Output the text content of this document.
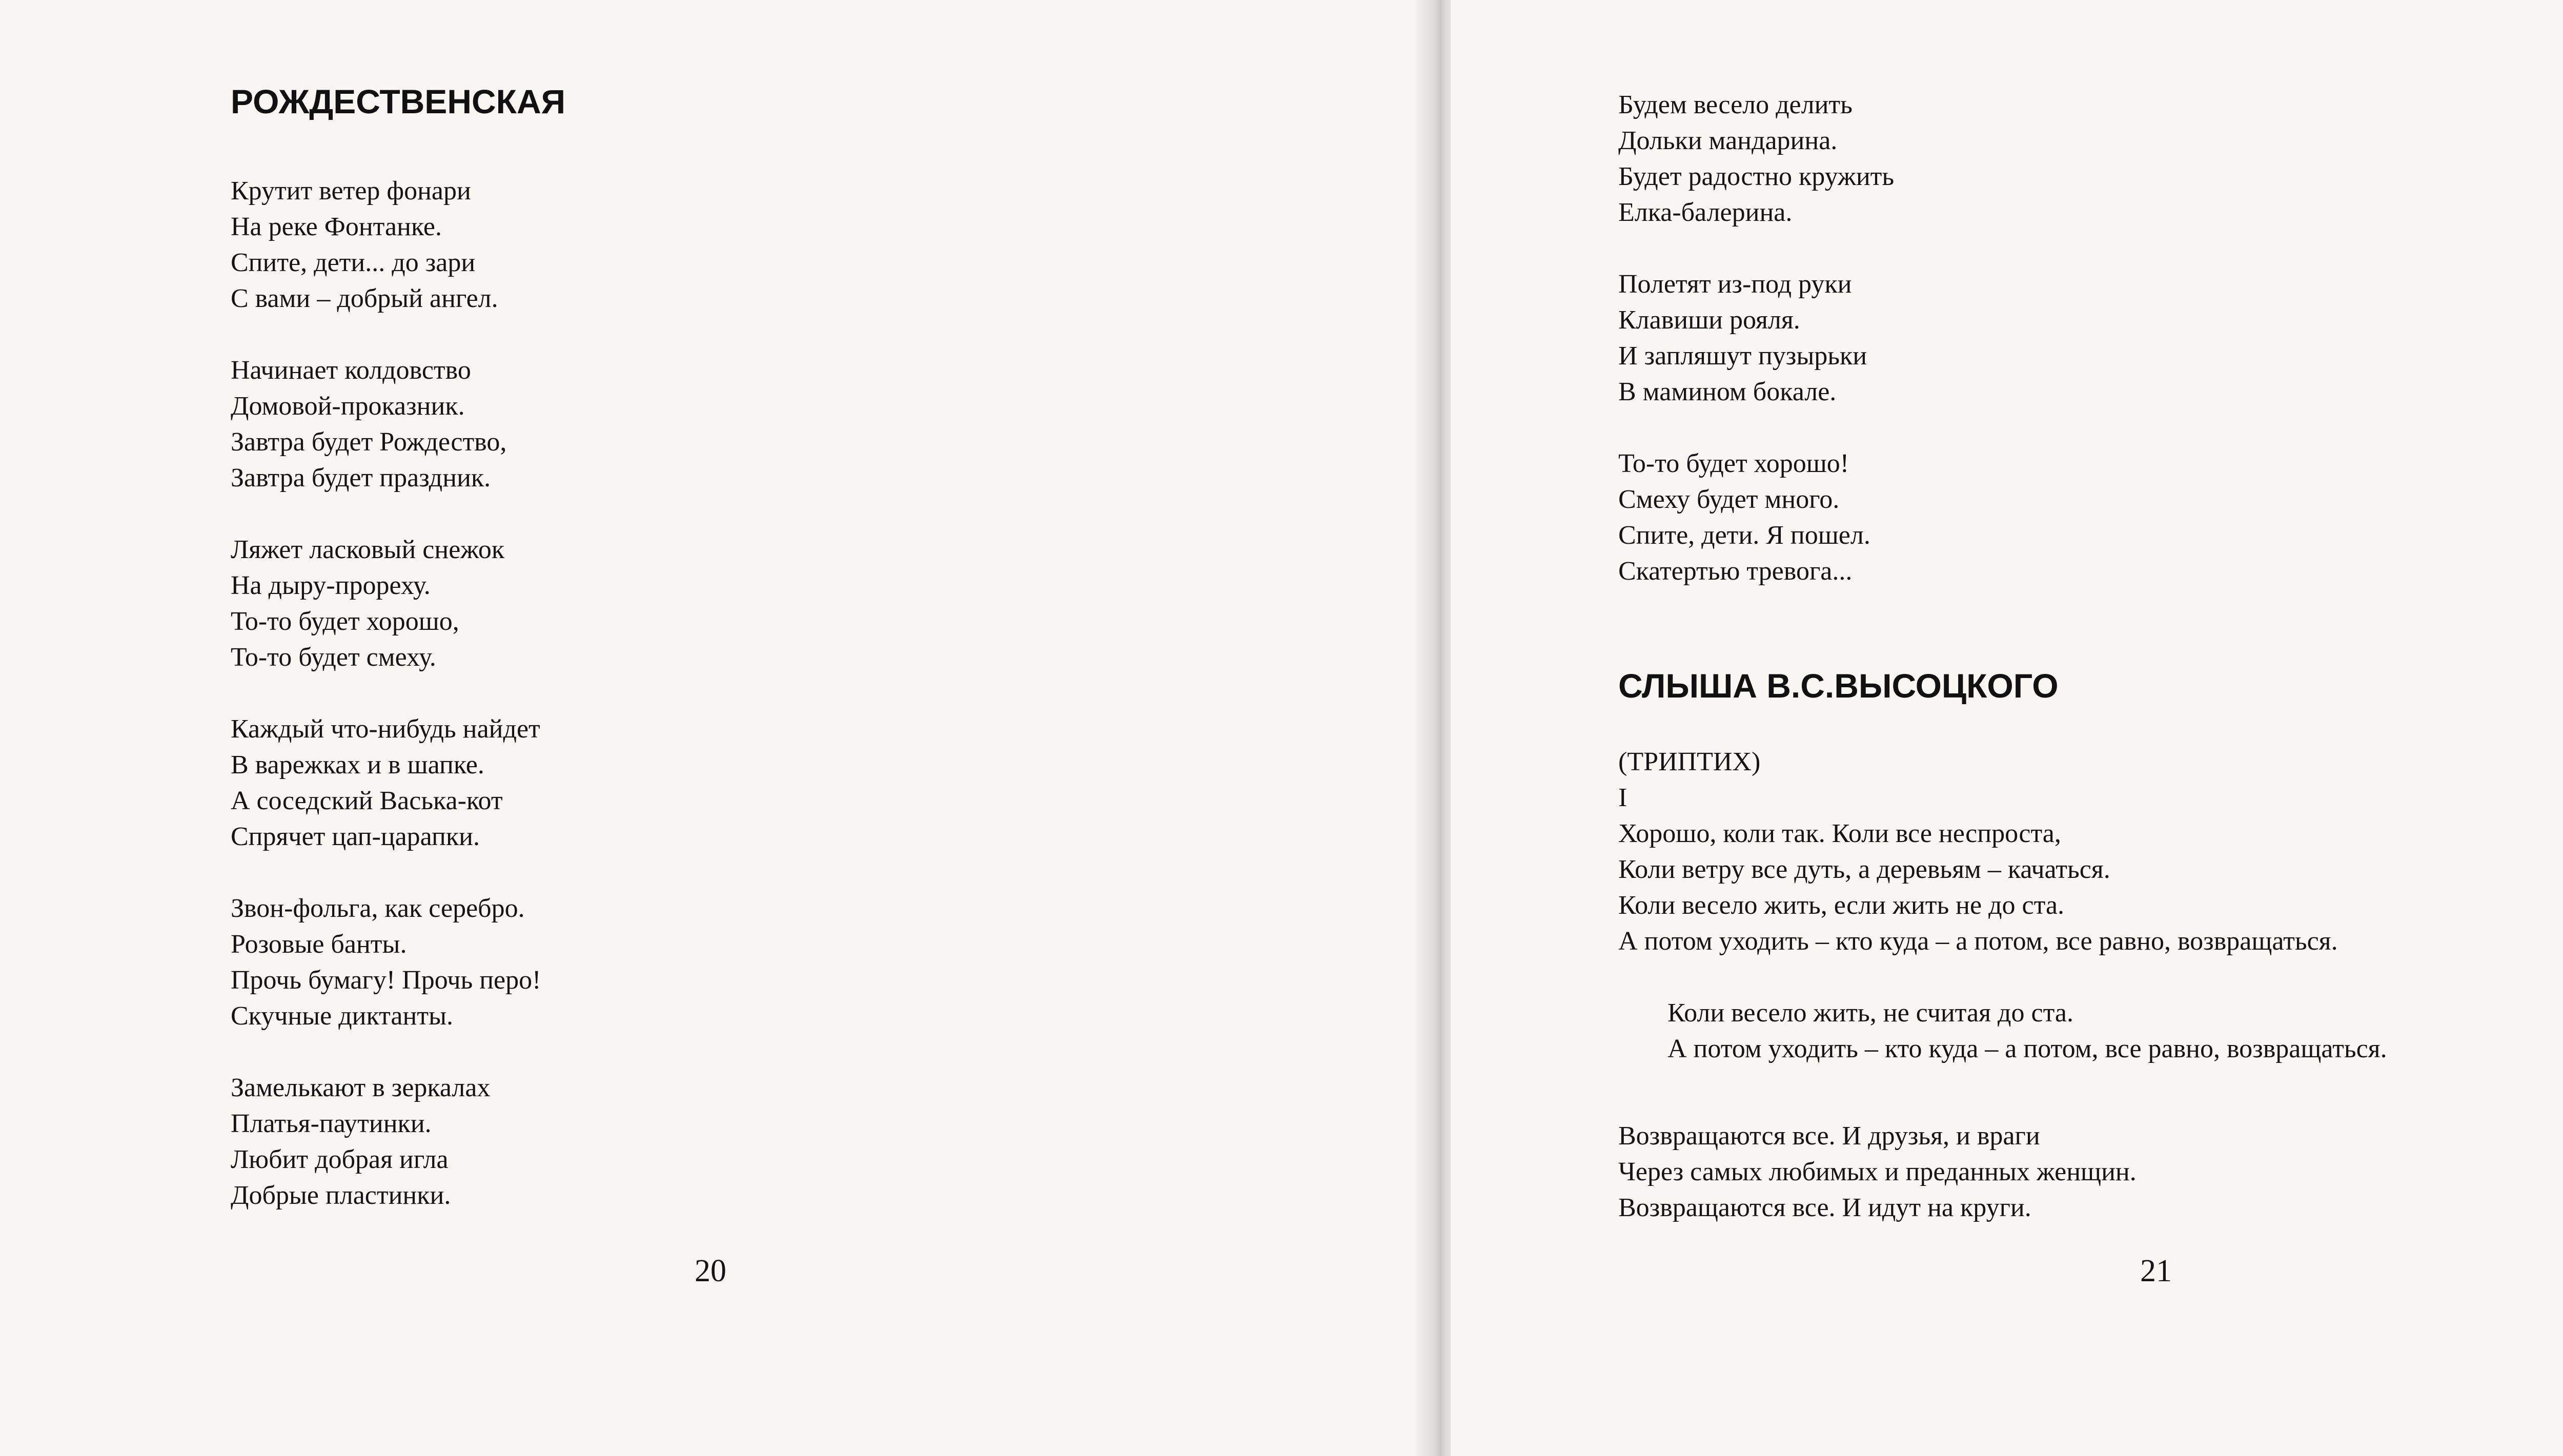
РОЖДЕСТВЕНСКАЯ
Крутит ветер фонари
На реке Фонтанке.
Спите, дети... до зари
С вами – добрый ангел.
Начинает колдовство
Домовой-проказник.
Завтра будет Рождество,
Завтра будет праздник.
Ляжет ласковый снежок
На дыру-прореху.
То-то будет хорошо,
То-то будет смеху.
Каждый что-нибудь найдет
В варежках и в шапке.
А соседский Васька-кот
Спрячет цап-царапки.
Звон-фольга, как серебро.
Розовые банты.
Прочь бумагу! Прочь перо!
Скучные диктанты.
Замелькают в зеркалах
Платья-паутинки.
Любит добрая игла
Добрые пластинки.
20
Будем весело делить
Дольки мандарина.
Будет радостно кружить
Елка-балерина.
Полетят из-под руки
Клавиши рояля.
И запляшут пузырьки
В мамином бокале.
То-то будет хорошо!
Смеху будет много.
Спите, дети. Я пошел.
Скатертью тревога...
СЛЫША В.С.ВЫСОЦКОГО
(ТРИПТИХ)
I
Хорошо, коли так. Коли все неспроста,
Коли ветру все дуть, а деревьям – качаться.
Коли весело жить, если жить не до ста.
А потом уходить – кто куда – а потом, все равно, возвращаться.
Коли весело жить, не считая до ста.
А потом уходить – кто куда – а потом, все равно, возвращаться.
Возвращаются все. И друзья, и враги
Через самых любимых и преданных женщин.
Возвращаются все. И идут на круги.
21
